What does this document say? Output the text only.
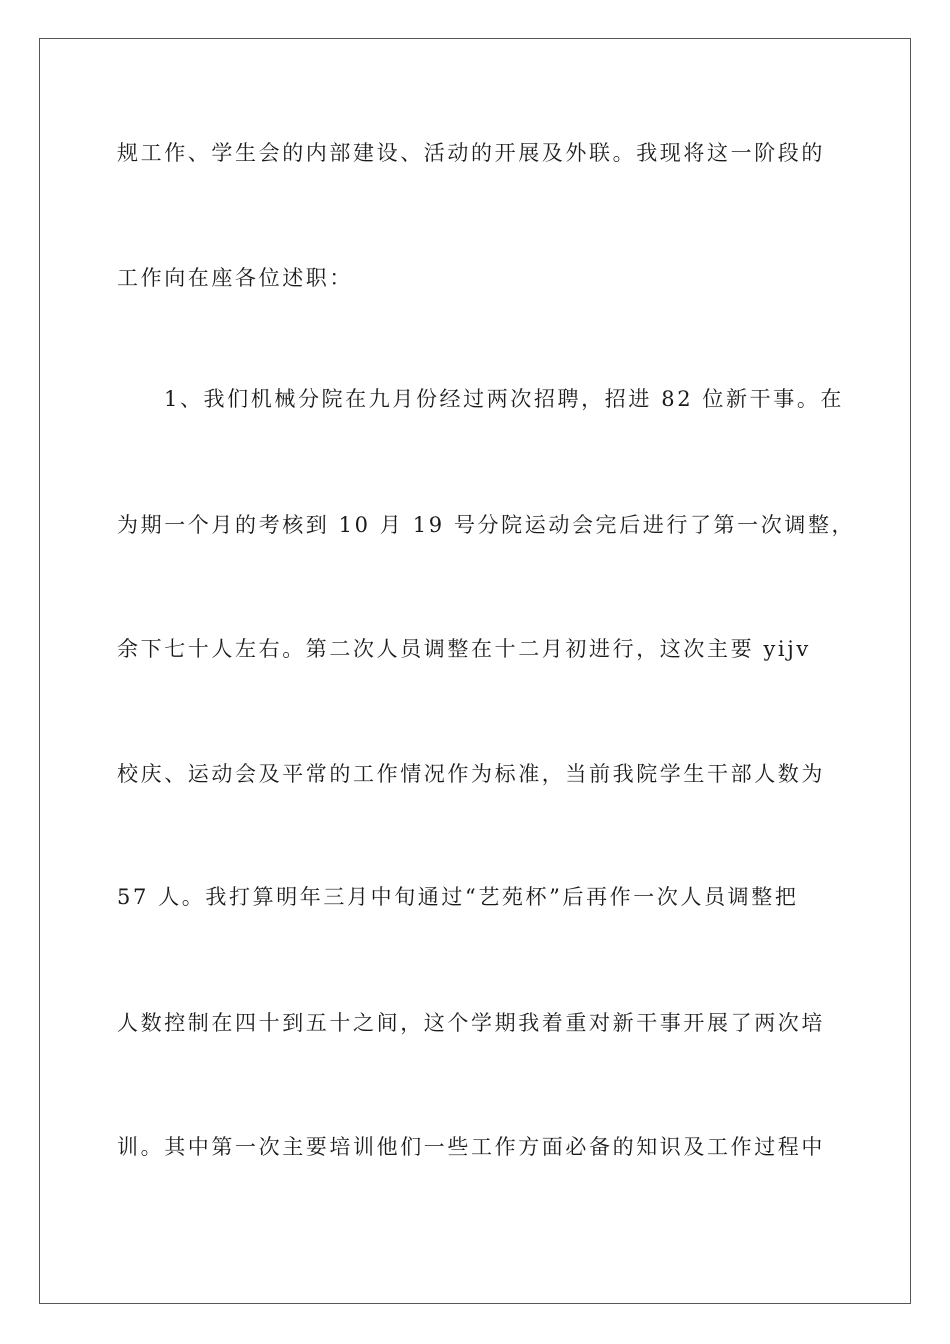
规工作、学生会的内部建设、活动的开展及外联。我现将这一阶段的
工作向在座各位述职：
1、我们机械分院在九月份经过两次招聘，招进 82 位新干事。在
为期一个月的考核到 10 月 19 号分院运动会完后进行了第一次调整，
余下七十人左右。第二次人员调整在十二月初进行，这次主要 yijv
校庆、运动会及平常的工作情况作为标准，当前我院学生干部人数为
57 人。我打算明年三月中旬通过“艺苑杯”后再作一次人员调整把
人数控制在四十到五十之间，这个学期我着重对新干事开展了两次培
训。其中第一次主要培训他们一些工作方面必备的知识及工作过程中
